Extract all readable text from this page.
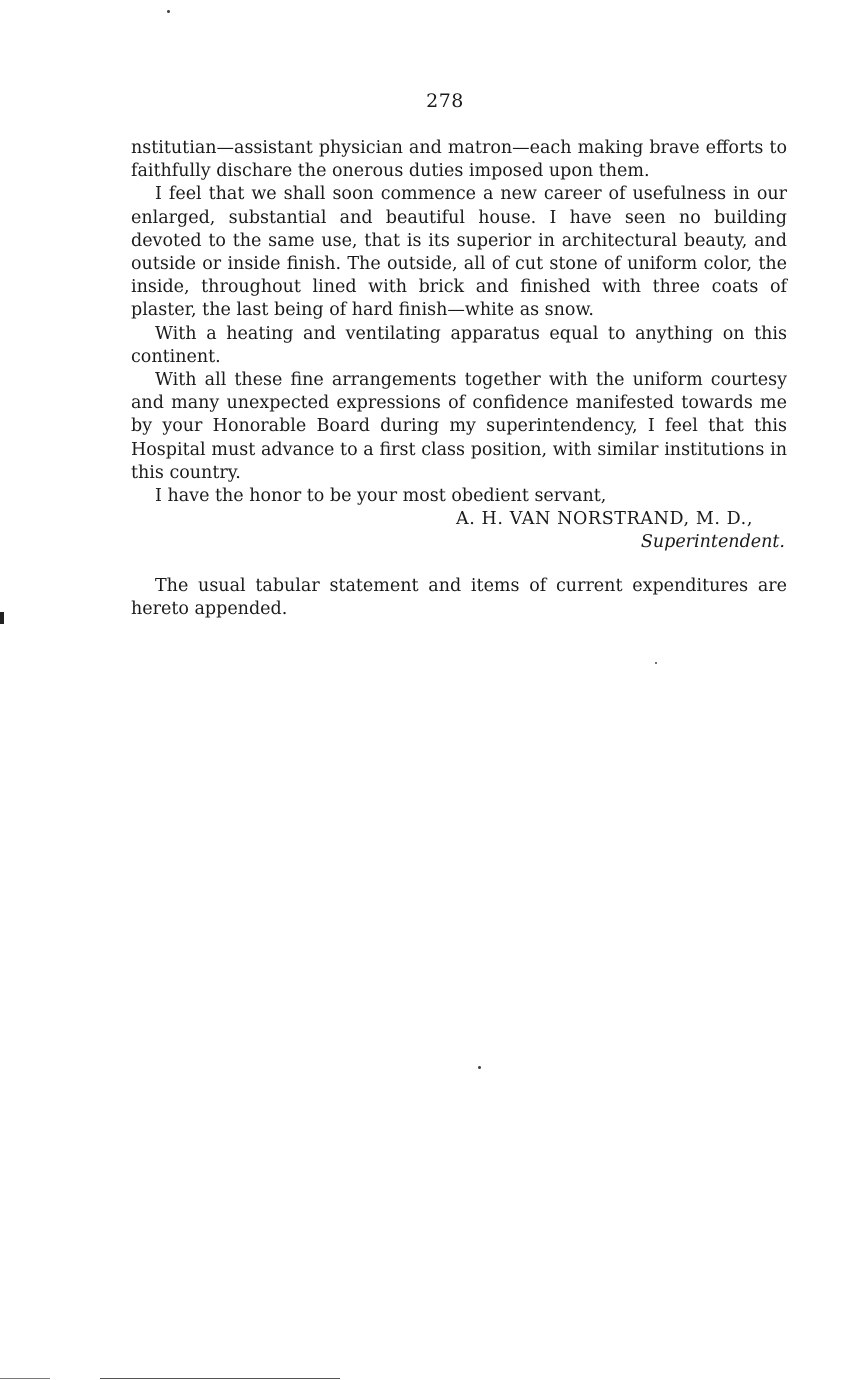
278

nstitutian—assistant physician and matron—each making brave efforts to faithfully dischare the onerous duties imposed upon them.

I feel that we shall soon commence a new career of usefulness in our enlarged, substantial and beautiful house. I have seen no building devoted to the same use, that is its superior in architectural beauty, and outside or inside finish. The outside, all of cut stone of uniform color, the inside, throughout lined with brick and finished with three coats of plaster, the last being of hard finish—white as snow.

With a heating and ventilating apparatus equal to anything on this continent.

With all these fine arrangements together with the uniform courtesy and many unexpected expressions of confidence manifested towards me by your Honorable Board during my superintendency, I feel that this Hospital must advance to a first class position, with similar institutions in this country.

I have the honor to be your most obedient servant,

A. H. VAN NORSTRAND, M. D.,
Superintendent.

The usual tabular statement and items of current expenditures are hereto appended.
